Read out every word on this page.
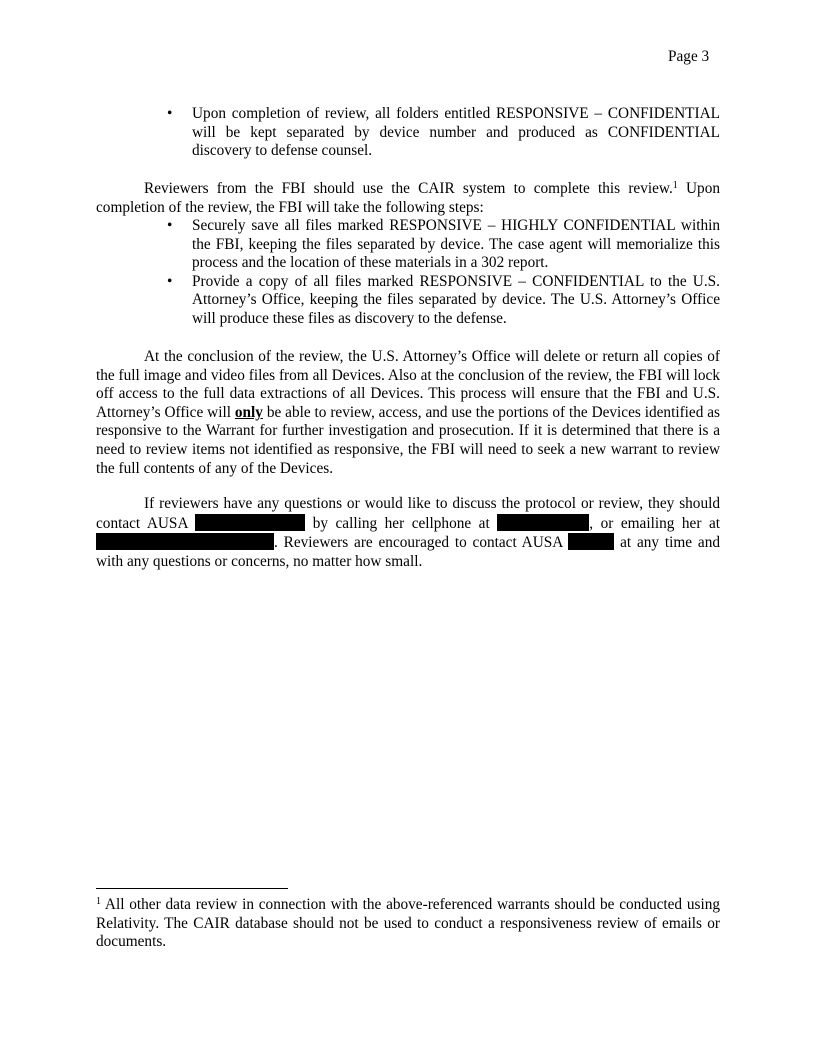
Page 3
• Upon completion of review, all folders entitled RESPONSIVE – CONFIDENTIAL will be kept separated by device number and produced as CONFIDENTIAL discovery to defense counsel.

Reviewers from the FBI should use the CAIR system to complete this review.$^1$ Upon completion of the review, the FBI will take the following steps:

• Securely save all files marked RESPONSIVE – HIGHLY CONFIDENTIAL within the FBI, keeping the files separated by device. The case agent will memorialize this process and the location of these materials in a 302 report.
• Provide a copy of all files marked RESPONSIVE – CONFIDENTIAL to the U.S. Attorney’s Office, keeping the files separated by device. The U.S. Attorney’s Office will produce these files as discovery to the defense.

At the conclusion of the review, the U.S. Attorney’s Office will delete or return all copies of the full image and video files from all Devices. Also at the conclusion of the review, the FBI will lock off access to the full data extractions of all Devices. This process will ensure that the FBI and U.S. Attorney’s Office will only be able to review, access, and use the portions of the Devices identified as responsive to the Warrant for further investigation and prosecution. If it is determined that there is a need to review items not identified as responsive, the FBI will need to seek a new warrant to review the full contents of any of the Devices.

If reviewers have any questions or would like to discuss the protocol or review, they should contact AUSA	by calling her cellphone at	, or emailing her at . Reviewers are encouraged to contact AUSA	at any time and with any questions or concerns, no matter how small.

$^1$ All other data review in connection with the above-referenced warrants should be conducted using Relativity. The CAIR database should not be used to conduct a responsiveness review of emails or documents.
